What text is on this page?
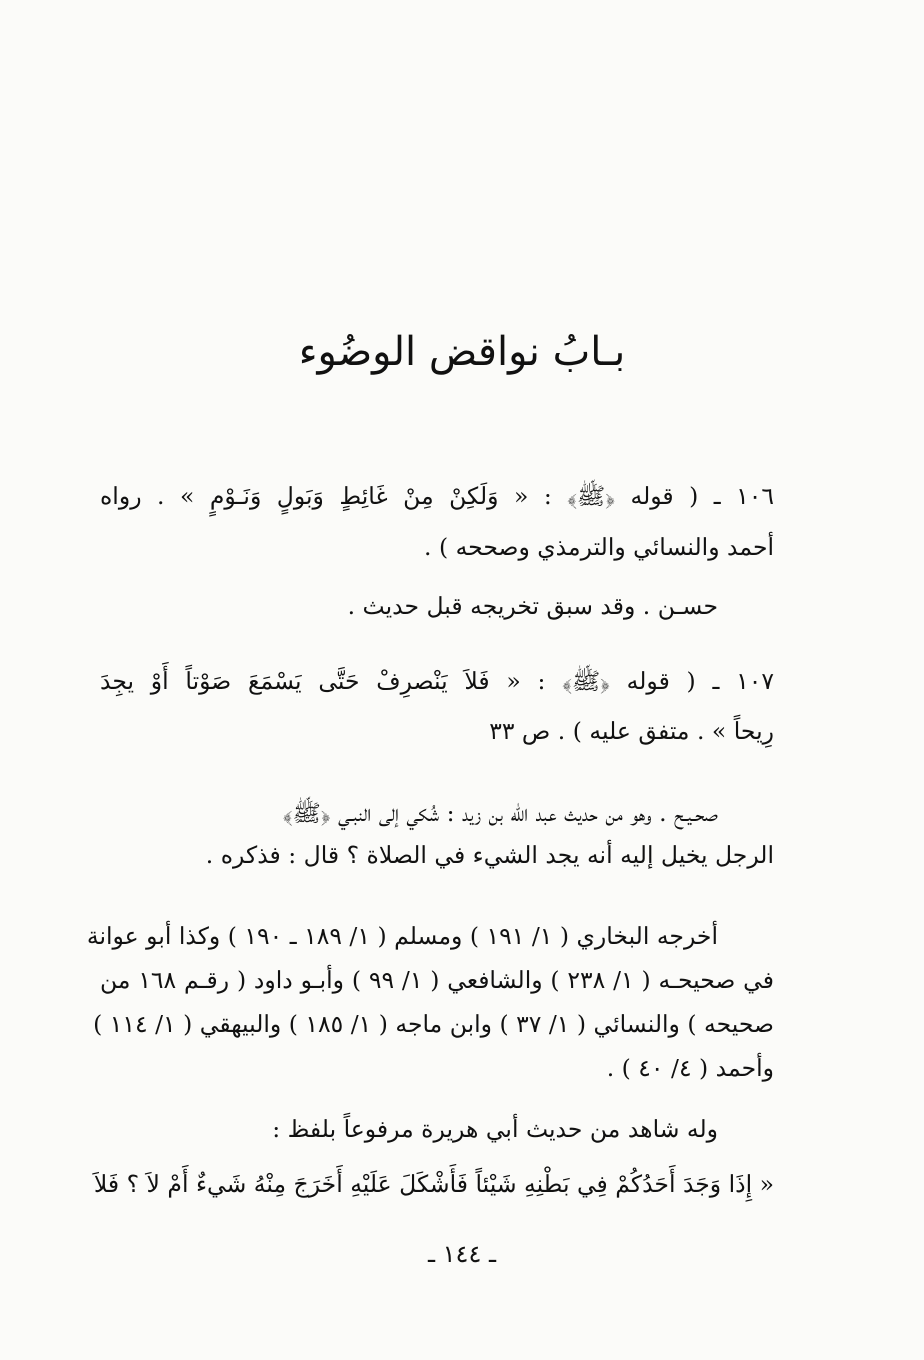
بـابُ نواقض الوضُوء
١٠٦ ـ ( قوله ﴿ﷺ﴾ : « وَلَكِنْ مِنْ غَائِطٍ وَبَولٍ وَنَـوْمٍ » . رواه
أحمد والنسائي والترمذي وصححه ) .
حسـن . وقد سبق تخريجه قبل حديث .
١٠٧ ـ ( قوله ﴿ﷺ﴾ : « فَلاَ يَنْصرِفْ حَتَّى يَسْمَعَ صَوْتاً أَوْ يجِدَ
رِيحاً » . متفق عليه ) . ص ٣٣
صحـيـح . وهو من حديث عبد الله بن زيد : شُكي إلى النبـي ﴿ﷺ﴾
الرجل يخيل إليه أنه يجد الشيء في الصلاة ؟ قال : فذكره .
أخرجه البخاري ( ١/ ١٩١ ) ومسلم ( ١/ ١٨٩ ـ ١٩٠ ) وكذا أبو عوانة
في صحيحـه ( ١/ ٢٣٨ ) والشافعي ( ١/ ٩٩ ) وأبـو داود ( رقـم ١٦٨ من
صحيحه ) والنسائي ( ١/ ٣٧ ) وابن ماجه ( ١/ ١٨٥ ) والبيهقي ( ١/ ١١٤ )
وأحمد ( ٤/ ٤٠ ) .
وله شاهد من حديث أبي هريرة مرفوعاً بلفظ :
« إِذَا وَجَدَ أَحَدُكُمْ فِي بَطْنِهِ شَيْئاً فَأَشْكَلَ عَلَيْهِ أَخَرَجَ مِنْهُ شَيءٌ أَمْ لاَ ؟ فَلاَ
ـ ١٤٤ ـ
